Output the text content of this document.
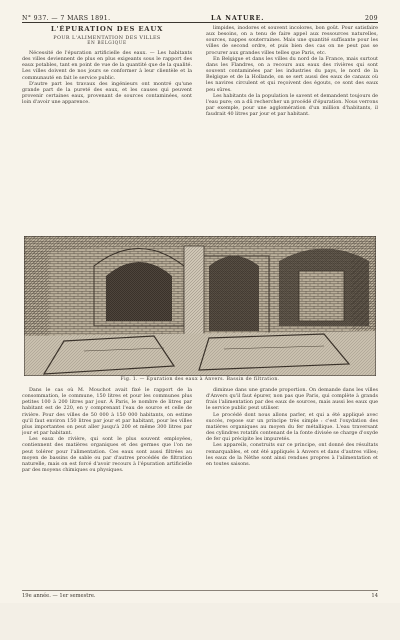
N° 937. — 7 MARS 1891.	LA NATURE.	209
L'ÉPURATION DES EAUX
POUR L'ALIMENTATION DES VILLES
EN BELGIQUE

Nécessité de l'épuration artificielle des eaux. — Les habitants des villes deviennent de plus en plus exigeants sous le rapport des eaux potables, tant en point de vue de la quantité que de la qualité. Les villes doivent de nos jours se conformer à leur clientèle et la communauté en fait le service public.

D'autre part les travaux des ingénieurs ont montré qu'une grande part de la pureté des eaux, et les causes qui peuvent provenir certaines eaux, provenant de sources contaminées, sont loin d'avoir une apparence.

limpides, inodores et souvent incolores, bon goût. Pour satisfaire aux besoins, on a tenu de faire appel aux ressources naturelles, sources, nappes souterraines. Mais une quantité suffisante pour les villes de second ordre, et puis bien des cas on ne peut pas se procurer aux grandes villes telles que Paris, etc.

En Belgique et dans les villes du nord de la France, mais surtout dans les Flandres, on a recours aux eaux des rivières qui sont souvent contaminées par les industries du pays, le nord de la Belgique et de la Hollande, on se sert aussi des eaux de canaux où les navires circulent et qui reçoivent des égouts, ce sont des eaux peu sûres.

Les habitants de la population le savent et demandent toujours de l'eau pure; on a dû rechercher un procédé d'épuration. Nous verrons par exemple, pour une agglomération d'un million d'habitants, il faudrait 40 litres par jour et par habitant.

Fig. 1. — Épuration des eaux à Anvers. Bassin de filtration.

Dans le cas où M. Mouchot avait fixé le rapport de la consommation, le commune, 150 litres et pour les communes plus petites 100 à 200 litres par jour. À Paris, le nombre de litres par habitant est de 220, en y comprenant l'eau de source et celle de rivière. Pour des villes de 50 000 à 150 000 habitants, on estime qu'il faut environ 150 litres par jour et par habitant, pour les villes plus importantes on peut aller jusqu'à 200 et même 300 litres par jour et par habitant.

Les eaux de rivière, qui sont le plus souvent employées, contiennent des matières organiques et des germes que l'on ne peut tolérer pour l'alimentation. Ces eaux sont aussi filtrées au moyen de bassins de sable ou par d'autres procédés de filtration naturelle, mais on est forcé d'avoir recours à l'épuration artificielle par des moyens chimiques ou physiques.

diminue dans une grande proportion. On demande dans les villes d'Anvers qu'il faut épurer, non pas que Paris, qui complète à grands frais l'alimentation par des eaux de sources, mais aussi les eaux que le service public peut utiliser.

Le procédé dont nous allons parler, et qui a été appliqué avec succès, repose sur un principe très simple : c'est l'oxydation des matières organiques au moyen du fer métallique. L'eau traversant des cylindres rotatifs contenant de la fonte divisée se charge d'oxyde de fer qui précipite les impuretés.

Les appareils, construits sur ce principe, ont donné des résultats remarquables, et ont été appliqués à Anvers et dans d'autres villes; les eaux de la Nèthe sont ainsi rendues propres à l'alimentation et en toutes saisons.

19e année. — 1er semestre.	14
